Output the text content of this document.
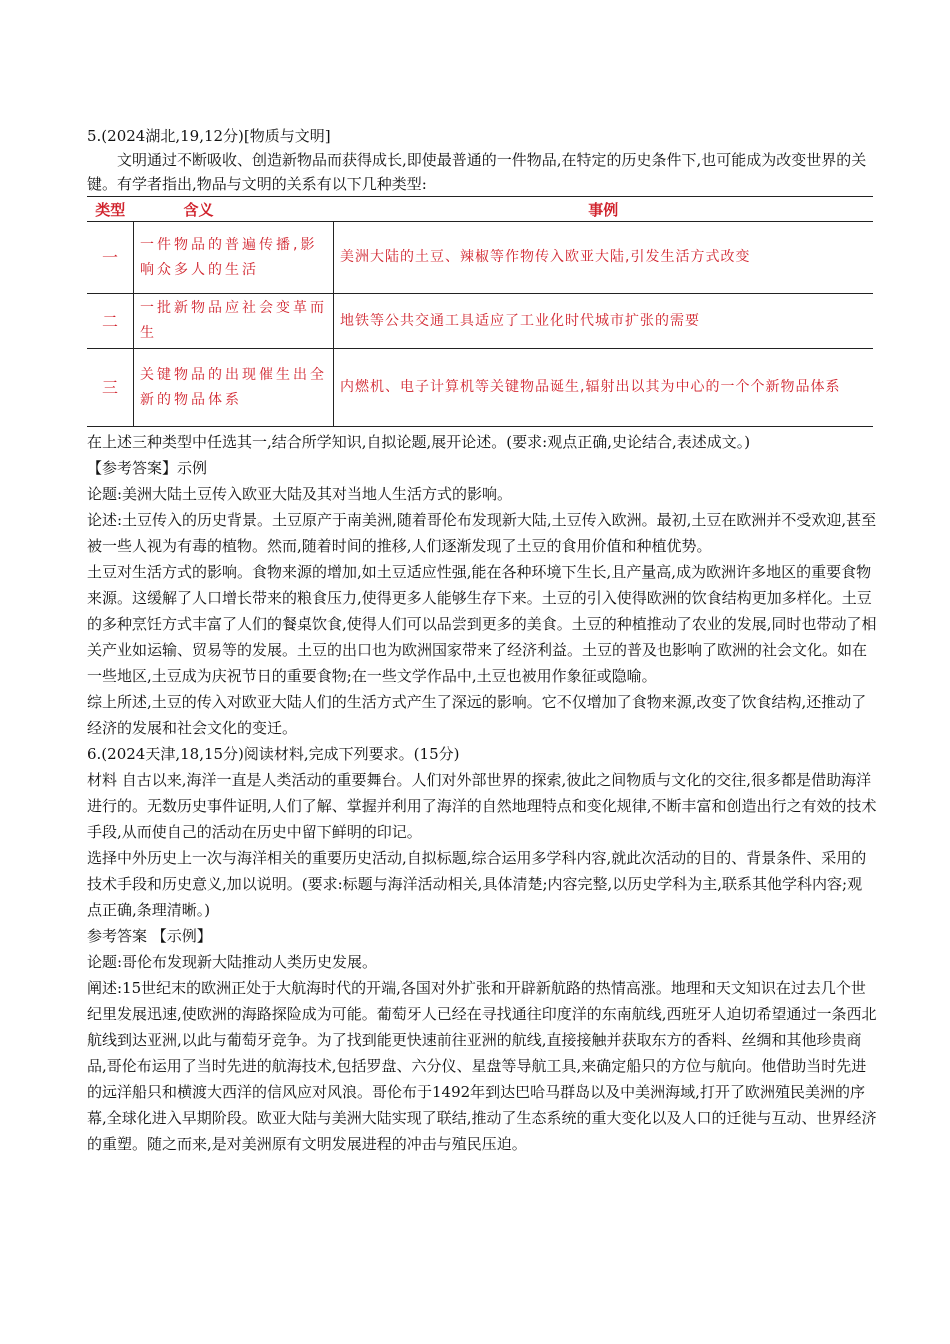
5.(2024湖北,19,12分)[物质与文明]

文明通过不断吸收、创造新物品而获得成长,即使最普通的一件物品,在特定的历史条件下,也可能成为改变世界的关键。有学者指出,物品与文明的关系有以下几种类型:

类型	含义	事例
一	一件物品的普遍传播,影响众多人的生活	美洲大陆的土豆、辣椒等作物传入欧亚大陆,引发生活方式改变
二	一批新物品应社会变革而生	地铁等公共交通工具适应了工业化时代城市扩张的需要
三	关键物品的出现催生出全新的物品体系	内燃机、电子计算机等关键物品诞生,辐射出以其为中心的一个个新物品体系

在上述三种类型中任选其一,结合所学知识,自拟论题,展开论述。(要求:观点正确,史论结合,表述成文。)

【参考答案】示例

论题:美洲大陆土豆传入欧亚大陆及其对当地人生活方式的影响。

论述:土豆传入的历史背景。土豆原产于南美洲,随着哥伦布发现新大陆,土豆传入欧洲。最初,土豆在欧洲并不受欢迎,甚至被一些人视为有毒的植物。然而,随着时间的推移,人们逐渐发现了土豆的食用价值和种植优势。

土豆对生活方式的影响。食物来源的增加,如土豆适应性强,能在各种环境下生长,且产量高,成为欧洲许多地区的重要食物来源。这缓解了人口增长带来的粮食压力,使得更多人能够生存下来。土豆的引入使得欧洲的饮食结构更加多样化。土豆的多种烹饪方式丰富了人们的餐桌饮食,使得人们可以品尝到更多的美食。土豆的种植推动了农业的发展,同时也带动了相关产业如运输、贸易等的发展。土豆的出口也为欧洲国家带来了经济利益。土豆的普及也影响了欧洲的社会文化。如在一些地区,土豆成为庆祝节日的重要食物;在一些文学作品中,土豆也被用作象征或隐喻。

综上所述,土豆的传入对欧亚大陆人们的生活方式产生了深远的影响。它不仅增加了食物来源,改变了饮食结构,还推动了经济的发展和社会文化的变迁。

6.(2024天津,18,15分)阅读材料,完成下列要求。(15分)

材料 自古以来,海洋一直是人类活动的重要舞台。人们对外部世界的探索,彼此之间物质与文化的交往,很多都是借助海洋进行的。无数历史事件证明,人们了解、掌握并利用了海洋的自然地理特点和变化规律,不断丰富和创造出行之有效的技术手段,从而使自己的活动在历史中留下鲜明的印记。

选择中外历史上一次与海洋相关的重要历史活动,自拟标题,综合运用多学科内容,就此次活动的目的、背景条件、采用的技术手段和历史意义,加以说明。(要求:标题与海洋活动相关,具体清楚;内容完整,以历史学科为主,联系其他学科内容;观点正确,条理清晰。)

参考答案 【示例】

论题:哥伦布发现新大陆推动人类历史发展。

阐述:15世纪末的欧洲正处于大航海时代的开端,各国对外扩张和开辟新航路的热情高涨。地理和天文知识在过去几个世纪里发展迅速,使欧洲的海路探险成为可能。葡萄牙人已经在寻找通往印度洋的东南航线,西班牙人迫切希望通过一条西北航线到达亚洲,以此与葡萄牙竞争。为了找到能更快速前往亚洲的航线,直接接触并获取东方的香料、丝绸和其他珍贵商品,哥伦布运用了当时先进的航海技术,包括罗盘、六分仪、星盘等导航工具,来确定船只的方位与航向。他借助当时先进的远洋船只和横渡大西洋的信风应对风浪。哥伦布于1492年到达巴哈马群岛以及中美洲海域,打开了欧洲殖民美洲的序幕,全球化进入早期阶段。欧亚大陆与美洲大陆实现了联结,推动了生态系统的重大变化以及人口的迁徙与互动、世界经济的重塑。随之而来,是对美洲原有文明发展进程的冲击与殖民压迫。
